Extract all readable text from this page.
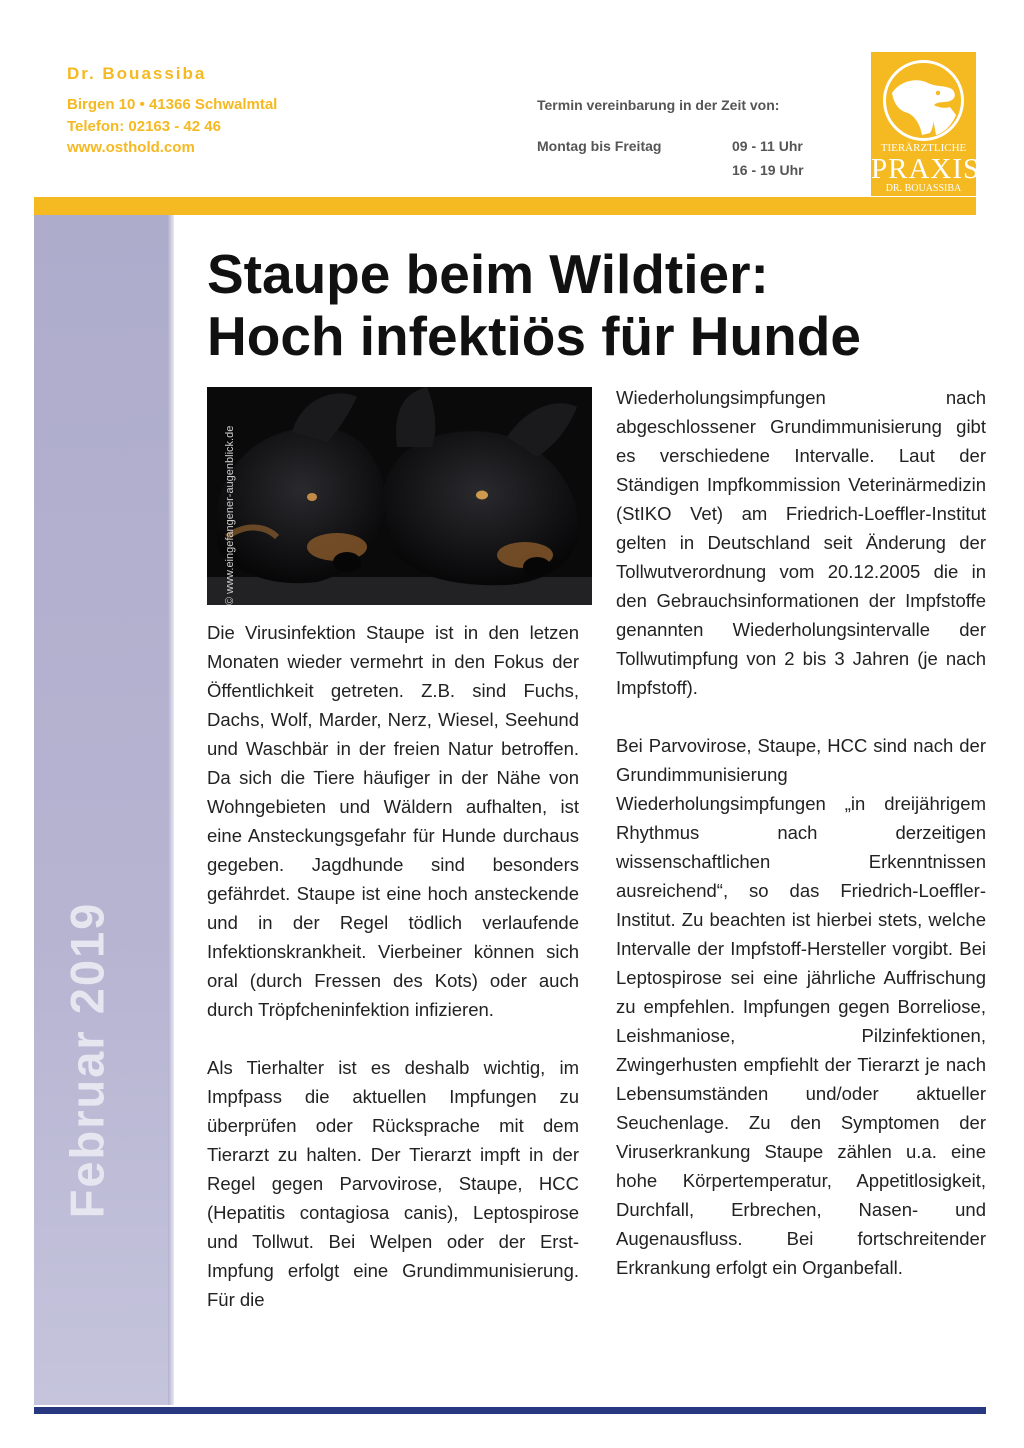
Dr. Bouassiba
Birgen 10 • 41366 Schwalmtal
Telefon: 02163 - 42 46
www.osthold.com
Termin vereinbarung in der Zeit von:
Montag bis Freitag	09 - 11 Uhr
16 - 19 Uhr
TIERÄRZTLICHE
PRAXIS
DR. BOUASSIBA
Februar 2019
Staupe beim Wildtier:
Hoch infektiös für Hunde
© www.eingefangener-augenblick.de

Die Virusinfektion Staupe ist in den letzen Monaten wieder vermehrt in den Fokus der Öffentlichkeit getreten. Z.B. sind Fuchs, Dachs, Wolf, Marder, Nerz, Wiesel, Seehund und Waschbär in der freien Natur betroffen. Da sich die Tiere häufiger in der Nähe von Wohngebieten und Wäldern aufhalten, ist eine Ansteckungsgefahr für Hunde durchaus gegeben. Jagdhunde sind besonders gefährdet. Staupe ist eine hoch ansteckende und in der Regel tödlich verlaufende Infektionskrankheit. Vierbeiner können sich oral (durch Fressen des Kots) oder auch durch Tröpfcheninfektion infizieren.

Als Tierhalter ist es deshalb wichtig, im Impfpass die aktuellen Impfungen zu überprüfen oder Rücksprache mit dem Tierarzt zu halten. Der Tierarzt impft in der Regel gegen Parvovirose, Staupe, HCC (Hepatitis contagiosa canis), Leptospirose und Tollwut. Bei Welpen oder der Erst-Impfung erfolgt eine Grundimmunisierung. Für die

Wiederholungsimpfungen nach abgeschlossener Grundimmunisierung gibt es verschiedene Intervalle. Laut der Ständigen Impfkommission Veterinärmedizin (StIKO Vet) am Friedrich-Loeffler-Institut gelten in Deutschland seit Änderung der Tollwutverordnung vom 20.12.2005 die in den Gebrauchsinformationen der Impfstoffe genannten Wiederholungsintervalle der Tollwutimpfung von 2 bis 3 Jahren (je nach Impfstoff).

Bei Parvovirose, Staupe, HCC sind nach der Grundimmunisierung Wiederholungsimpfungen „in dreijährigem Rhythmus nach derzeitigen wissenschaftlichen Erkenntnissen ausreichend“, so das Friedrich-Loeffler-Institut. Zu beachten ist hierbei stets, welche Intervalle der Impfstoff-Hersteller vorgibt. Bei Leptospirose sei eine jährliche Auffrischung zu empfehlen. Impfungen gegen Borreliose, Leishmaniose, Pilzinfektionen, Zwingerhusten empfiehlt der Tierarzt je nach Lebensumständen und/oder aktueller Seuchenlage. Zu den Symptomen der Viruserkrankung Staupe zählen u.a. eine hohe Körpertemperatur, Appetitlosigkeit, Durchfall, Erbrechen, Nasen- und Augenausfluss. Bei fortschreitender Erkrankung erfolgt ein Organbefall.
